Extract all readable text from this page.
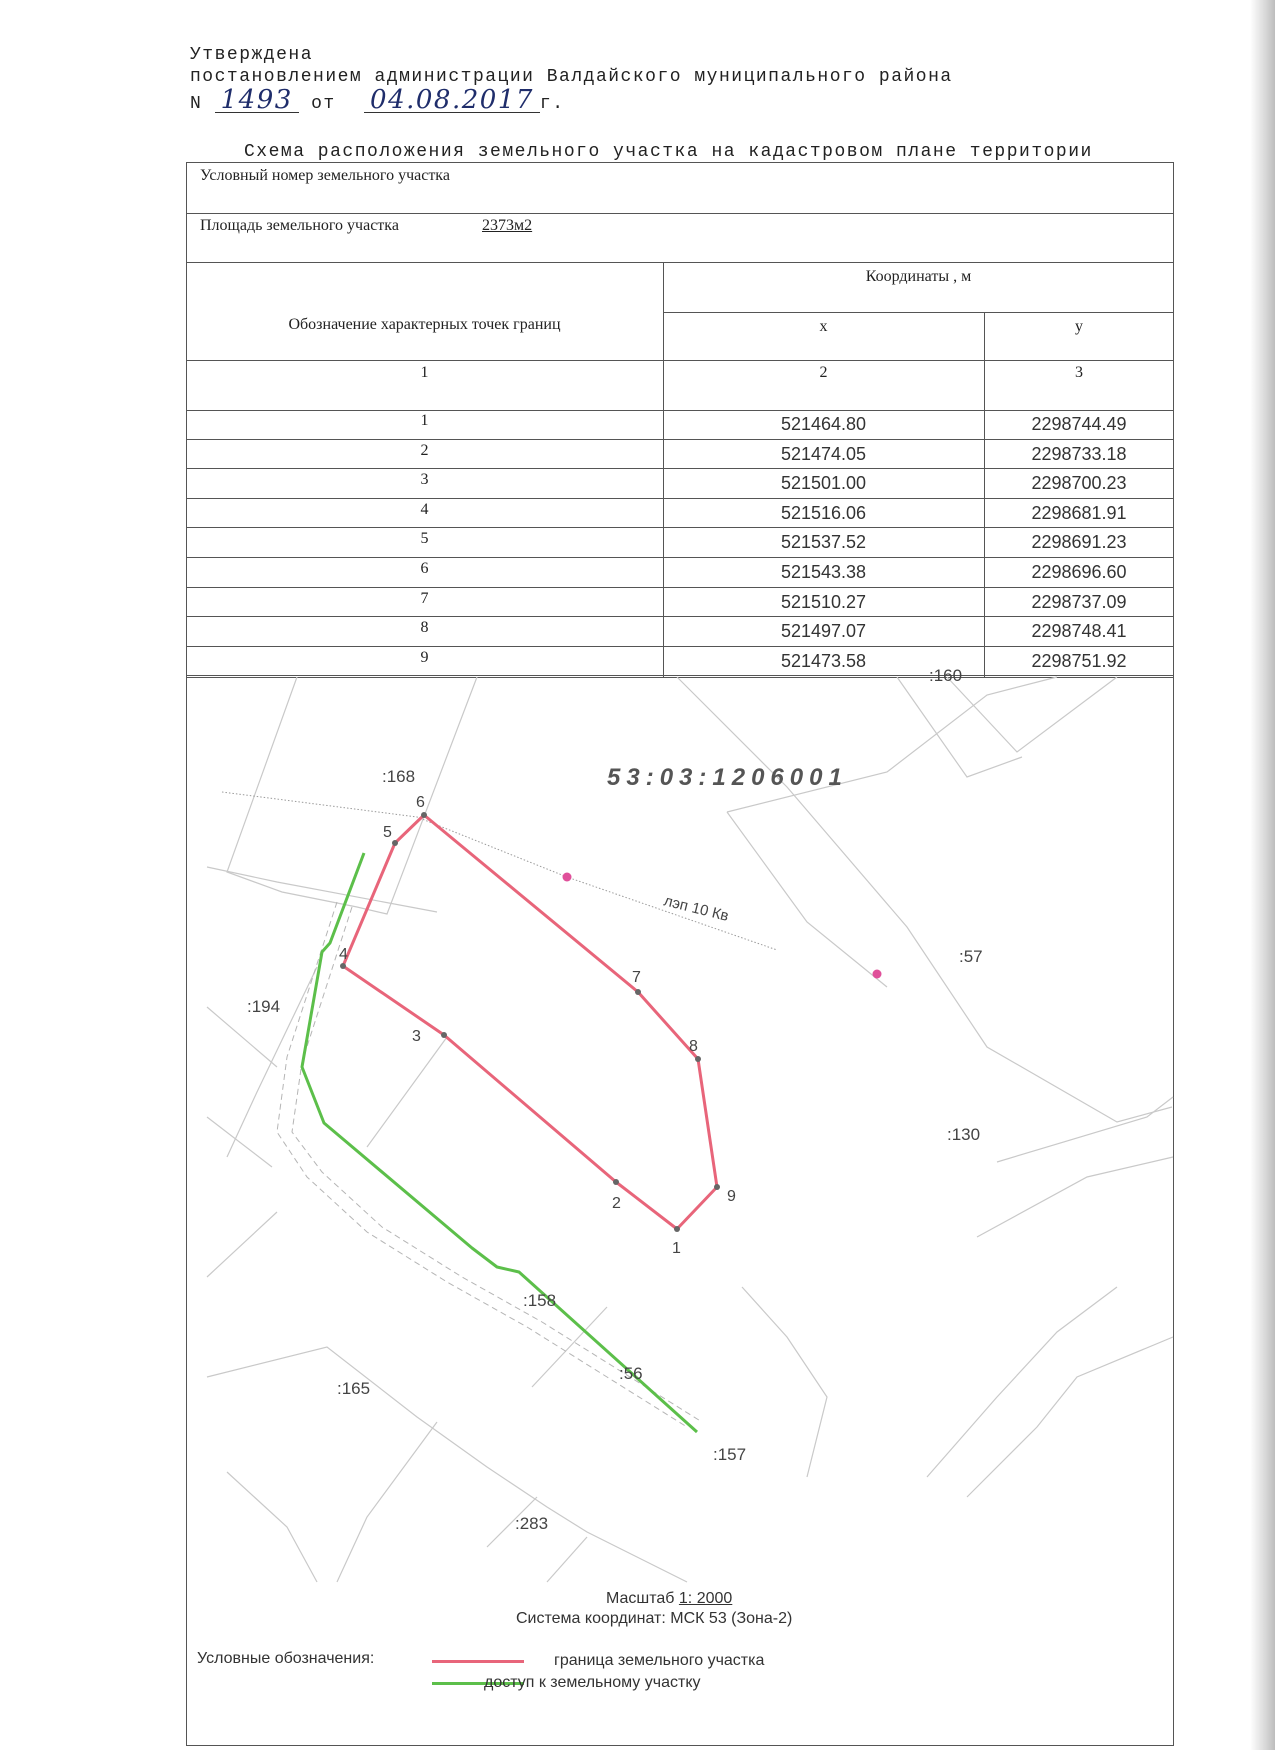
Утверждена
постановлением администрации Валдайского муниципального района
N 1493 от 04.08.2017 г.
Схема расположения земельного участка на кадастровом плане территории
Условный номер земельного участка
Площадь земельного участка	2373м2
Обозначение характерных точек границ
Координаты , м
x	y
1	2	3
1	521464.80	2298744.49
2	521474.05	2298733.18
3	521501.00	2298700.23
4	521516.06	2298681.91
5	521537.52	2298691.23
6	521543.38	2298696.60
7	521510.27	2298737.09
8	521497.07	2298748.41
9	521473.58	2298751.92
1
2
3
4
5
6
7
8
9
:168
:57
:194
:130
:158
:56
:165
:157
:283
:160
лэп 10 Кв
53:03:1206001
Масштаб 1: 2000
Система координат: МСК 53 (Зона-2)
Условные обозначения:	граница земельного участка
доступ к земельному участку
